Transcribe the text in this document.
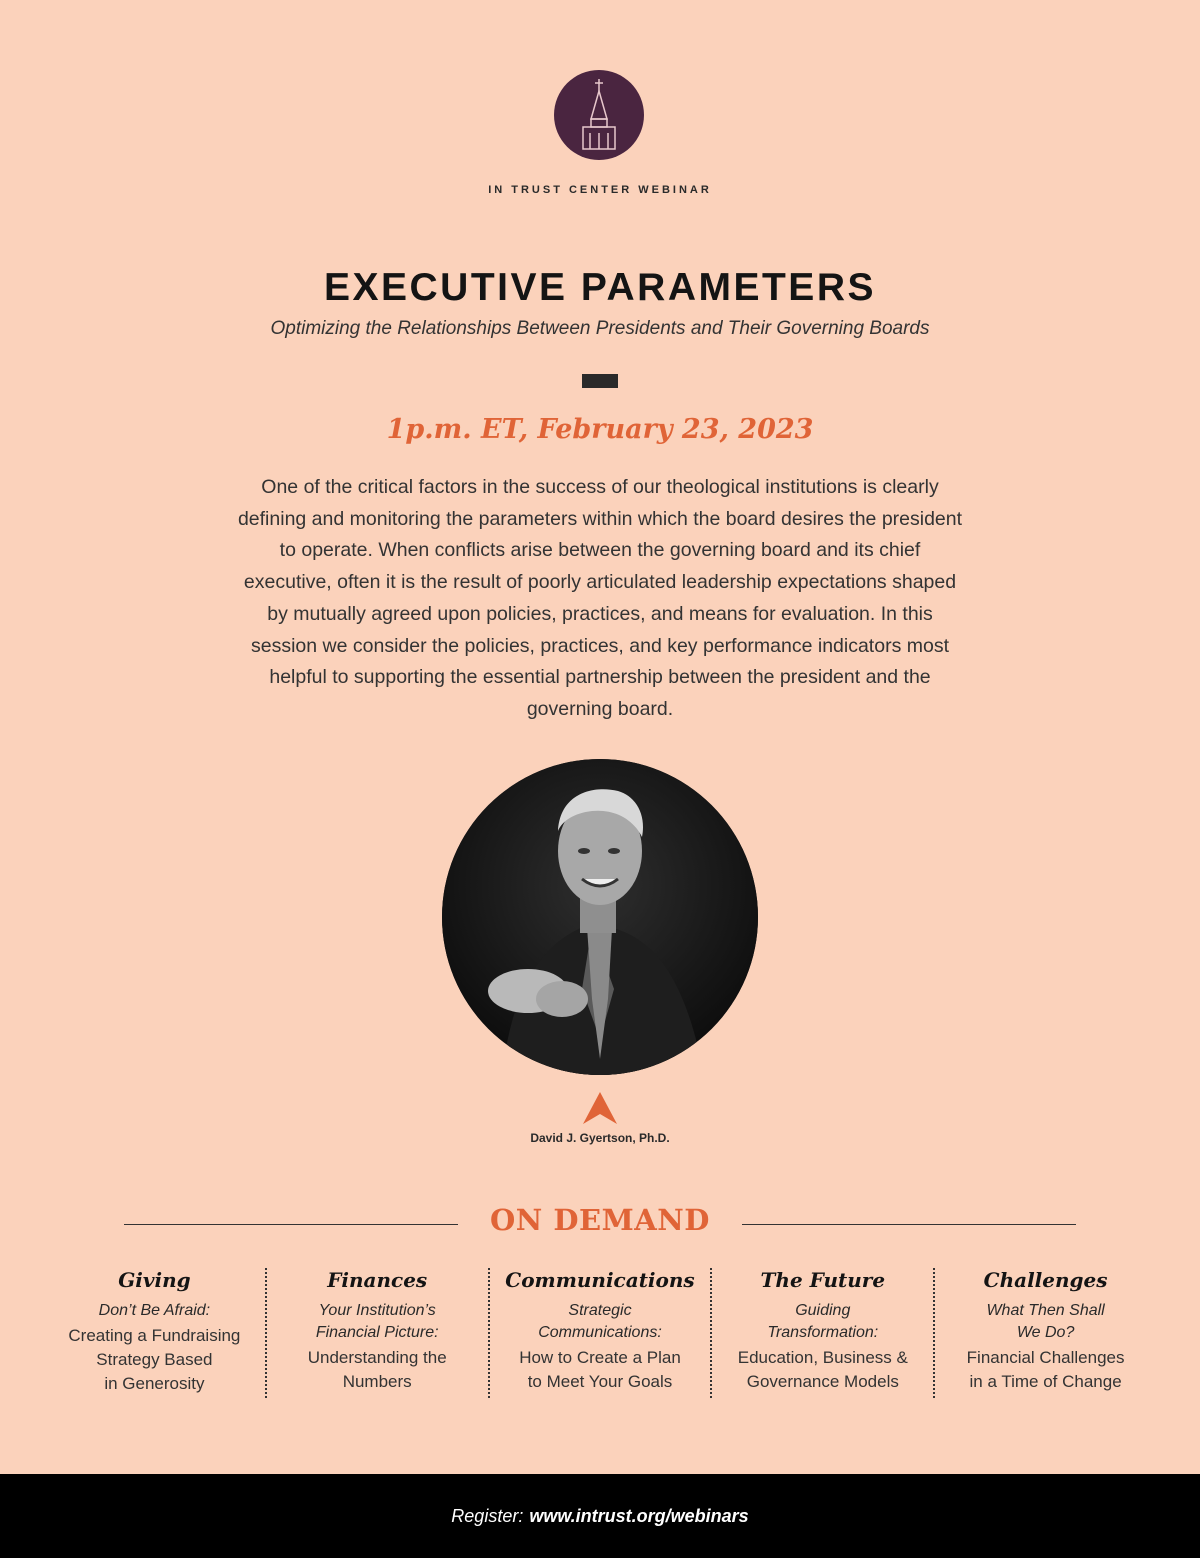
IN TRUST CENTER WEBINAR
EXECUTIVE PARAMETERS
Optimizing the Relationships Between Presidents and Their Governing Boards
1p.m. ET, February 23, 2023

One of the critical factors in the success of our theological institutions is clearly defining and monitoring the parameters within which the board desires the president to operate. When conflicts arise between the governing board and its chief executive, often it is the result of poorly articulated leadership expectations shaped by mutually agreed upon policies, practices, and means for evaluation. In this session we consider the policies, practices, and key performance indicators most helpful to supporting the essential partnership between the president and the governing board.

David J. Gyertson, Ph.D.
ON DEMAND
Giving
Don’t Be Afraid:
Creating a Fundraising
Strategy Based
in Generosity
Finances
Your Institution’s
Financial Picture:
Understanding the
Numbers
Communications
Strategic
Communications:
How to Create a Plan
to Meet Your Goals
The Future
Guiding
Transformation:
Education, Business &
Governance Models
Challenges
What Then Shall
We Do?
Financial Challenges
in a Time of Change
Register: www.intrust.org/webinars
